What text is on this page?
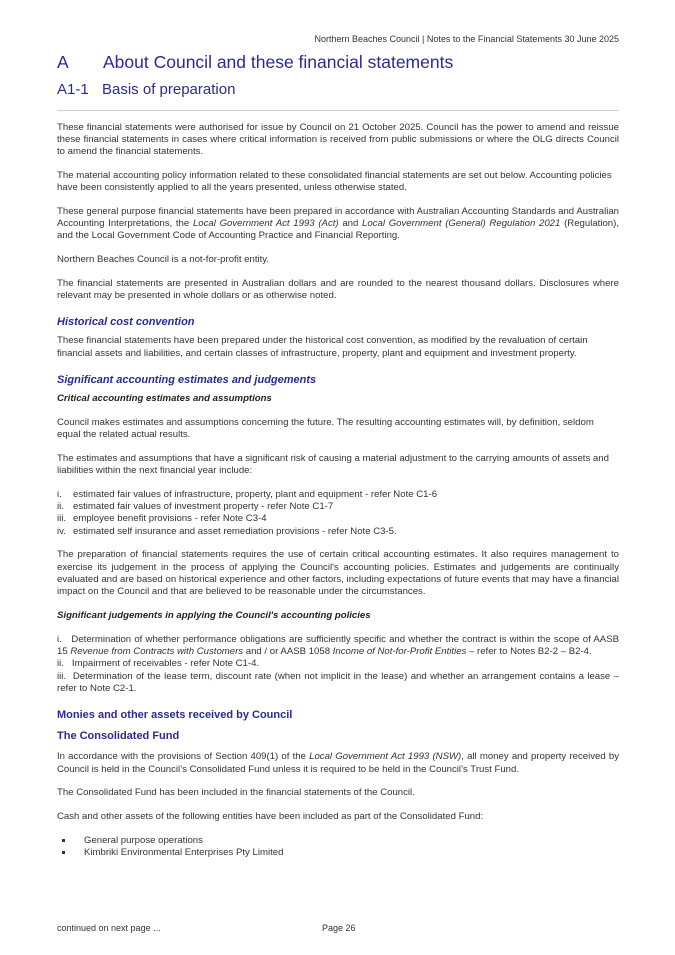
Northern Beaches Council | Notes to the Financial Statements 30 June 2025
A	About Council and these financial statements
A1-1 Basis of preparation

These financial statements were authorised for issue by Council on 21 October 2025. Council has the power to amend and reissue these financial statements in cases where critical information is received from public submissions or where the OLG directs Council to amend the financial statements.

The material accounting policy information related to these consolidated financial statements are set out below. Accounting policies have been consistently applied to all the years presented, unless otherwise stated.

These general purpose financial statements have been prepared in accordance with Australian Accounting Standards and Australian Accounting Interpretations, the Local Government Act 1993 (Act) and Local Government (General) Regulation 2021 (Regulation), and the Local Government Code of Accounting Practice and Financial Reporting.

Northern Beaches Council is a not-for-profit entity.

The financial statements are presented in Australian dollars and are rounded to the nearest thousand dollars. Disclosures where relevant may be presented in whole dollars or as otherwise noted.

Historical cost convention

These financial statements have been prepared under the historical cost convention, as modified by the revaluation of certain financial assets and liabilities, and certain classes of infrastructure, property, plant and equipment and investment property.

Significant accounting estimates and judgements
Critical accounting estimates and assumptions

Council makes estimates and assumptions concerning the future. The resulting accounting estimates will, by definition, seldom equal the related actual results.

The estimates and assumptions that have a significant risk of causing a material adjustment to the carrying amounts of assets and liabilities within the next financial year include:

i.	estimated fair values of infrastructure, property, plant and equipment - refer Note C1-6
ii. estimated fair values of investment property - refer Note C1-7
iii. employee benefit provisions - refer Note C3-4
iv. estimated self insurance and asset remediation provisions - refer Note C3-5.

The preparation of financial statements requires the use of certain critical accounting estimates. It also requires management to exercise its judgement in the process of applying the Council's accounting policies. Estimates and judgements are continually evaluated and are based on historical experience and other factors, including expectations of future events that may have a financial impact on the Council and that are believed to be reasonable under the circumstances.

Significant judgements in applying the Council's accounting policies

i.   Determination of whether performance obligations are sufficiently specific and whether the contract is within the scope of AASB 15 Revenue from Contracts with Customers and / or AASB 1058 Income of Not-for-Profit Entities – refer to Notes B2-2 – B2-4.
ii.   Impairment of receivables - refer Note C1-4.
iii.  Determination of the lease term, discount rate (when not implicit in the lease) and whether an arrangement contains a lease – refer to Note C2-1.

Monies and other assets received by Council
The Consolidated Fund

In accordance with the provisions of Section 409(1) of the Local Government Act 1993 (NSW), all money and property received by Council is held in the Council’s Consolidated Fund unless it is required to be held in the Council’s Trust Fund.

The Consolidated Fund has been included in the financial statements of the Council.

Cash and other assets of the following entities have been included as part of the Consolidated Fund:

General purpose operations
Kimbriki Environmental Enterprises Pty Limited
continued on next page ...	Page 26
